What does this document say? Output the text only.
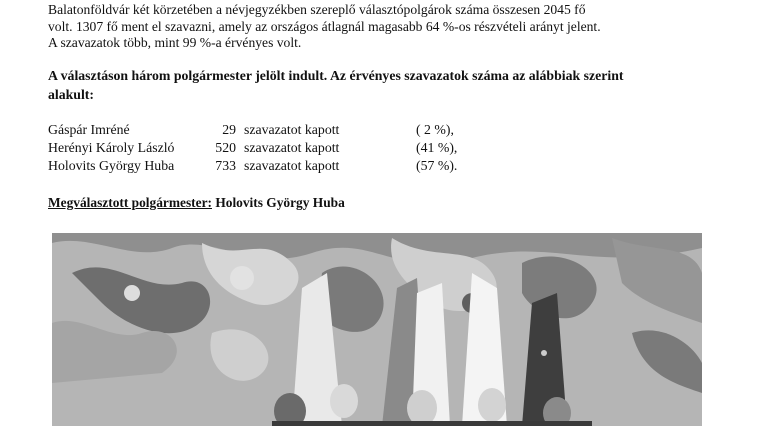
Balatonföldvár két körzetében a névjegyzékben szereplő választópolgárok száma összesen 2045 fő
volt. 1307 fő ment el szavazni, amely az országos átlagnál magasabb 64 %-os részvételi arányt jelent.
A szavazatok több, mint 99 %-a érvényes volt.
A választáson három polgármester jelölt indult. Az érvényes szavazatok száma az alábbiak szerint
alakult:
Gáspár Imréné	29 szavazatot kapott	( 2 %),
Herényi Károly László	520 szavazatot kapott	(41 %),
Holovits György Huba	733 szavazatot kapott	(57 %).
Megválasztott polgármester: Holovits György Huba
